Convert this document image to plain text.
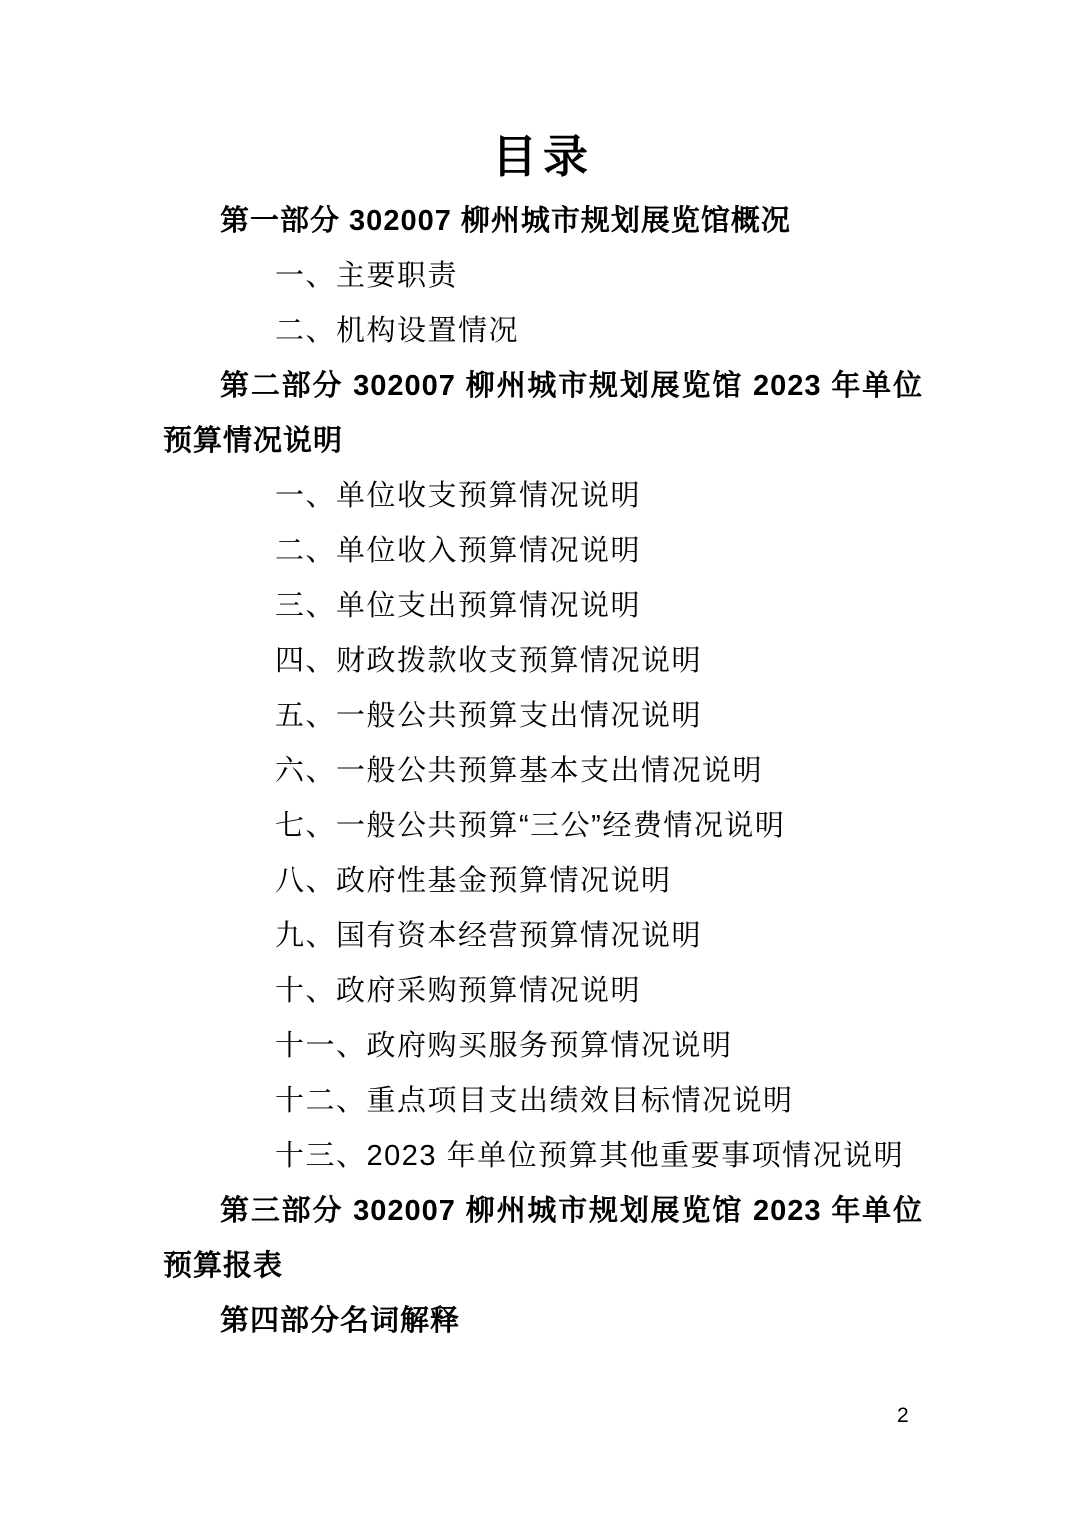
目录

第一部分 302007 柳州城市规划展览馆概况

一、主要职责

二、机构设置情况

第二部分 302007 柳州城市规划展览馆 2023 年单位预算情况说明

一、单位收支预算情况说明

二、单位收入预算情况说明

三、单位支出预算情况说明

四、财政拨款收支预算情况说明

五、一般公共预算支出情况说明

六、一般公共预算基本支出情况说明

七、一般公共预算“三公”经费情况说明

八、政府性基金预算情况说明

九、国有资本经营预算情况说明

十、政府采购预算情况说明

十一、政府购买服务预算情况说明

十二、重点项目支出绩效目标情况说明

十三、2023 年单位预算其他重要事项情况说明

第三部分 302007 柳州城市规划展览馆 2023 年单位预算报表

第四部分名词解释

2
